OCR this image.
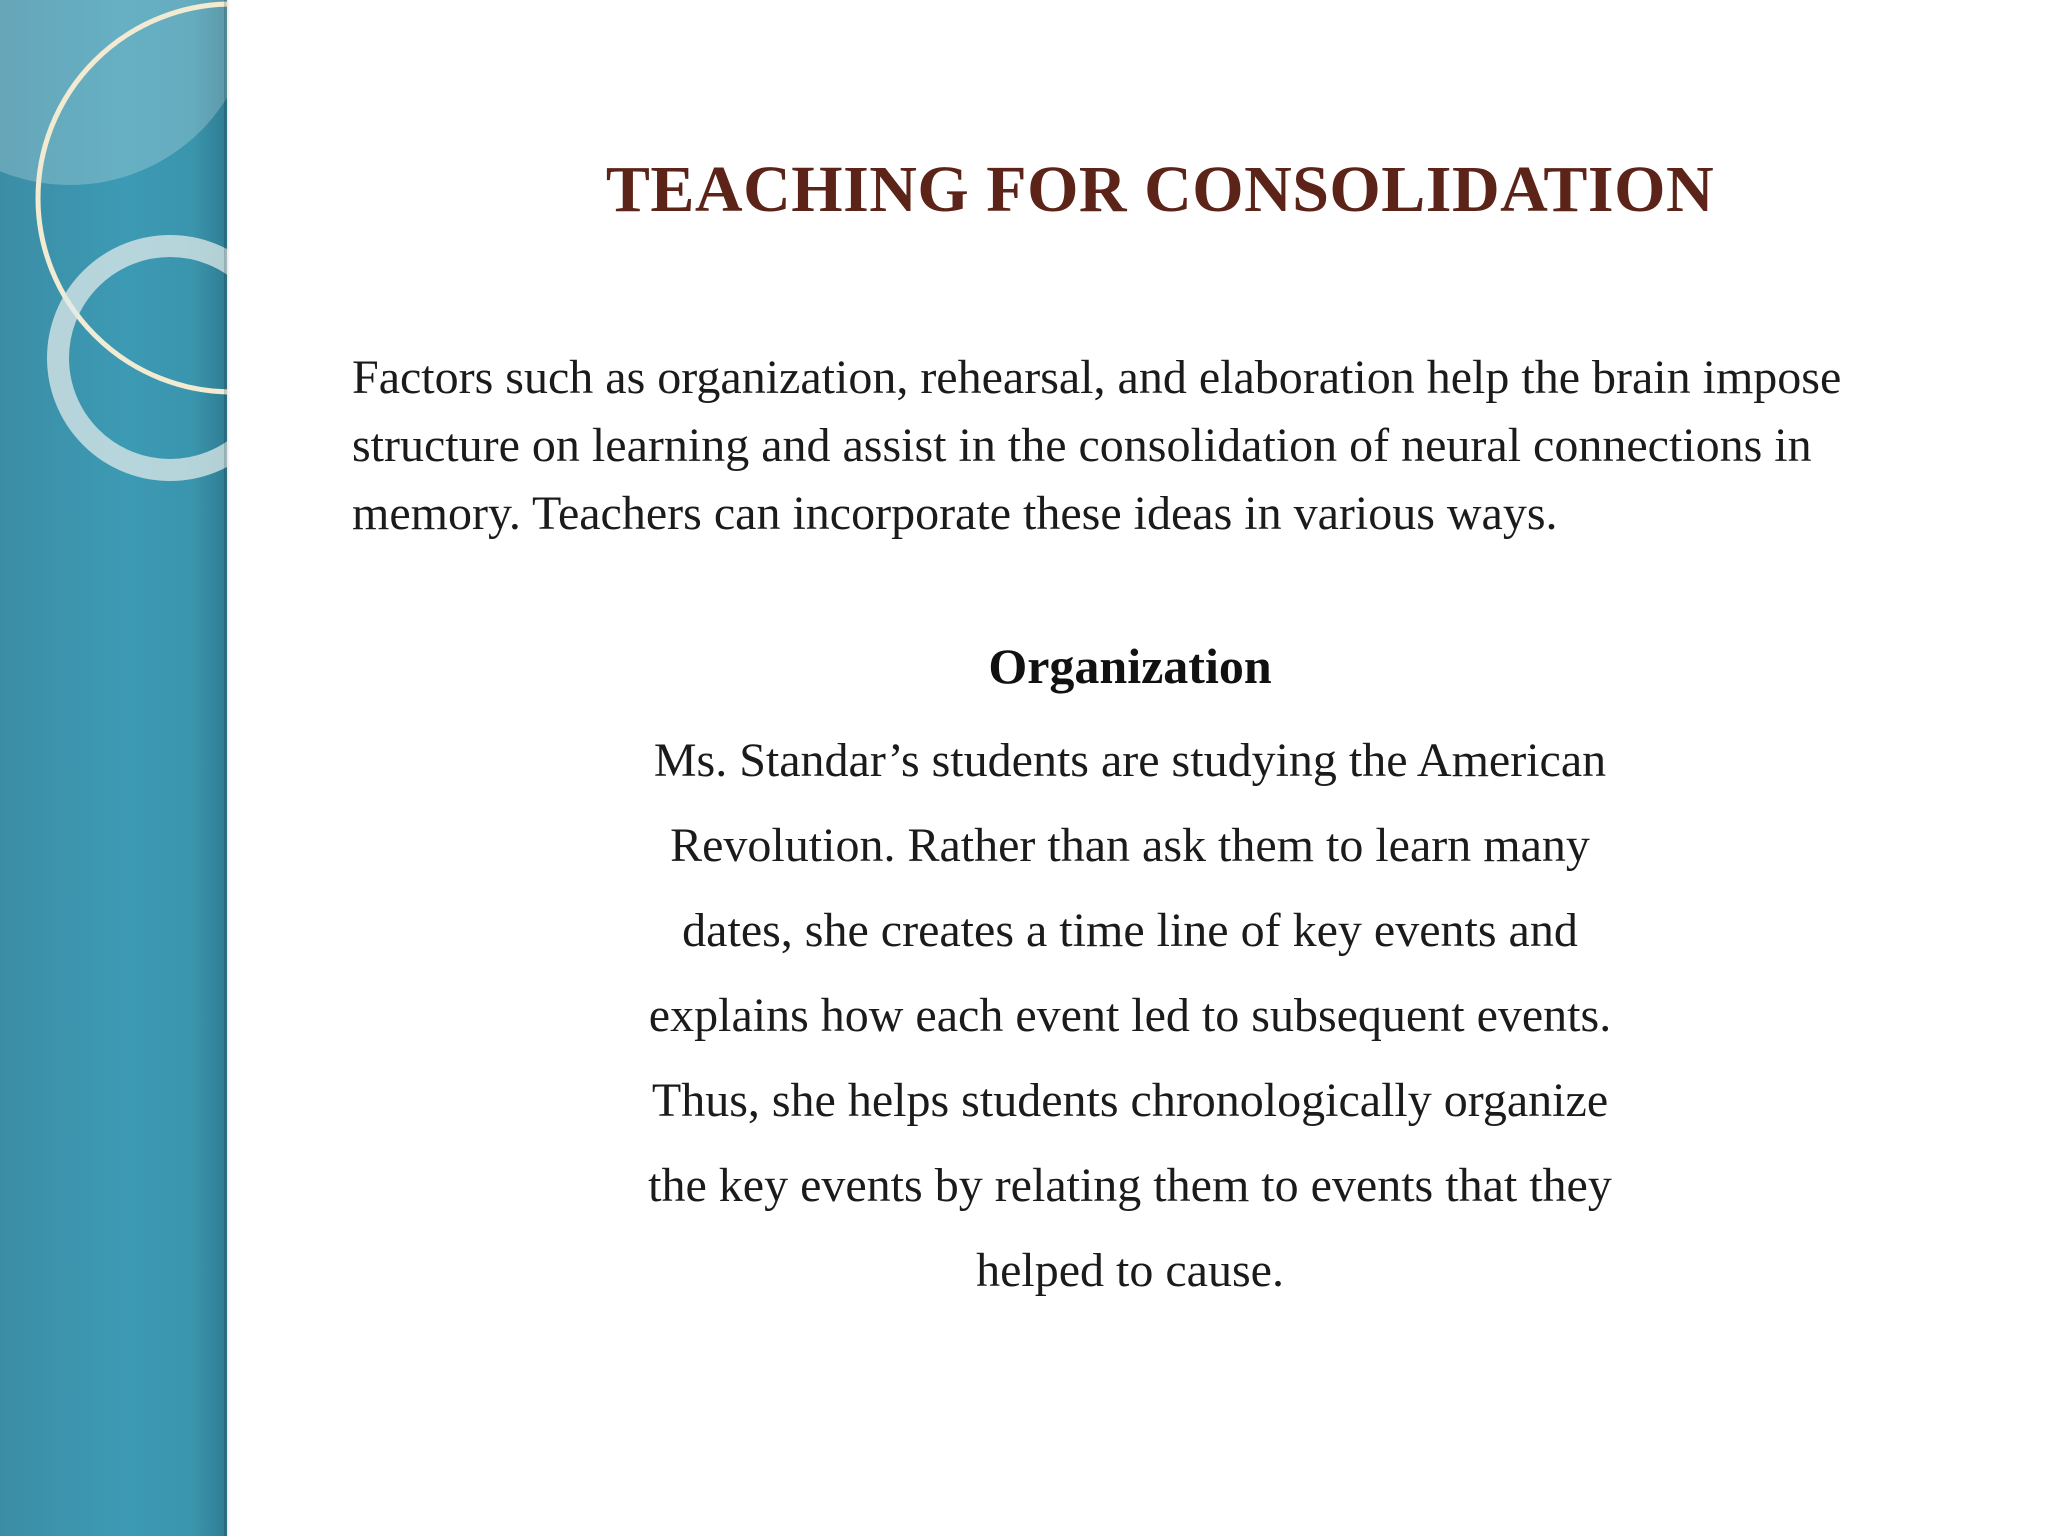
TEACHING FOR CONSOLIDATION

Factors such as organization, rehearsal, and elaboration help the brain impose structure on learning and assist in the consolidation of neural connections in memory. Teachers can incorporate these ideas in various ways.

Organization

Ms. Standar’s students are studying the American Revolution. Rather than ask them to learn many dates, she creates a time line of key events and explains how each event led to subsequent events. Thus, she helps students chronologically organize the key events by relating them to events that they helped to cause.
